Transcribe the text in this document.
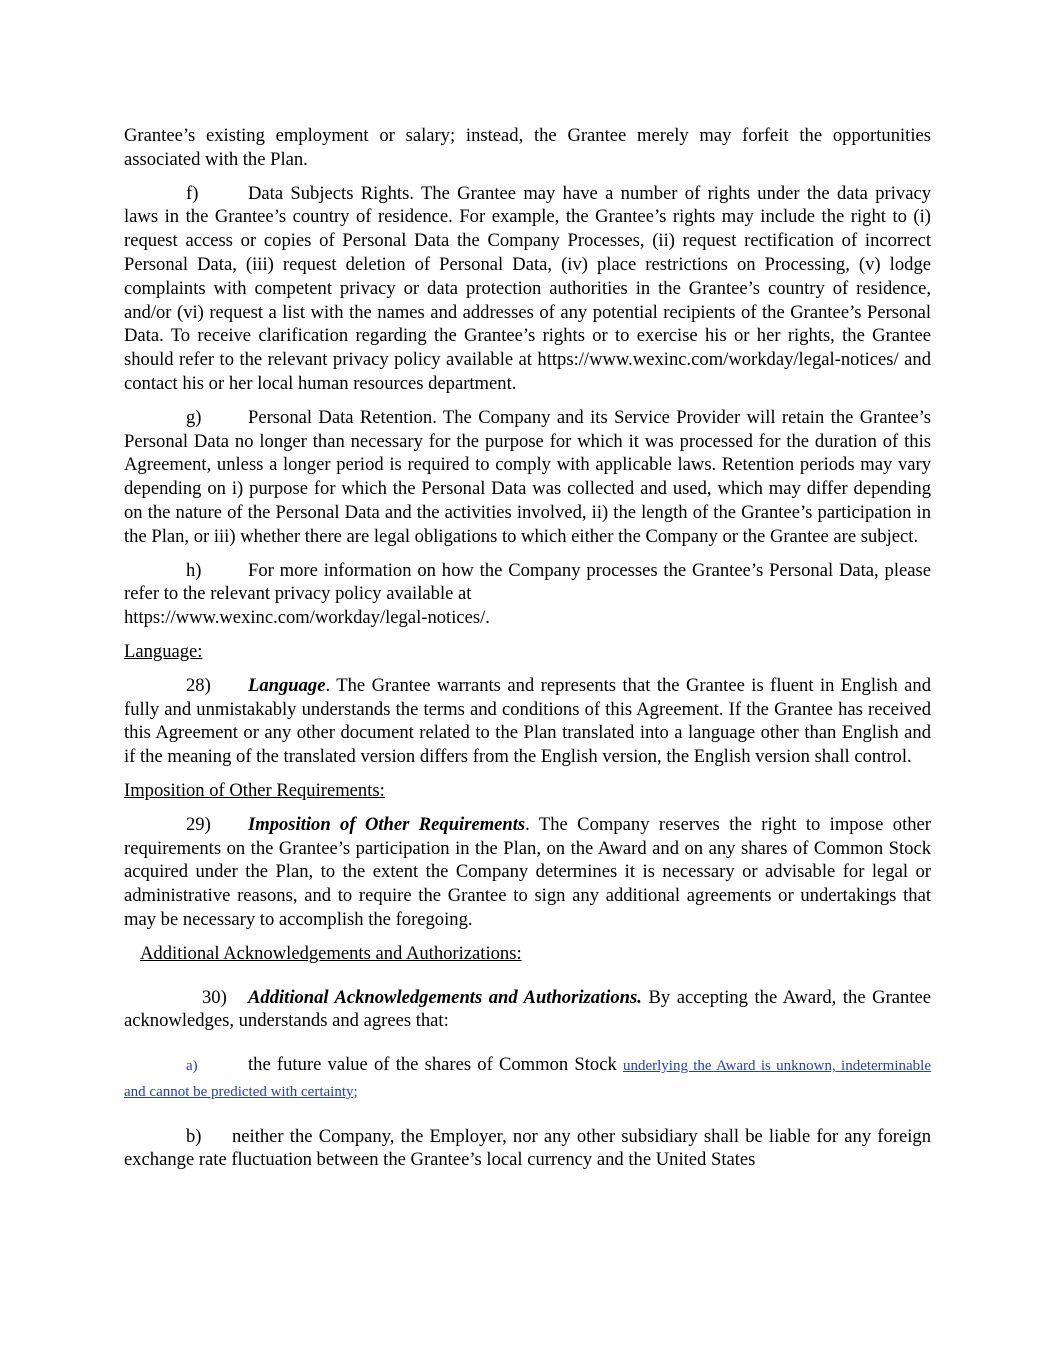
Grantee’s existing employment or salary; instead, the Grantee merely may forfeit the opportunities associated with the Plan.

f)	Data Subjects Rights. The Grantee may have a number of rights under the data privacy laws in the Grantee’s country of residence. For example, the Grantee’s rights may include the right to (i) request access or copies of Personal Data the Company Processes, (ii) request rectification of incorrect Personal Data, (iii) request deletion of Personal Data, (iv) place restrictions on Processing, (v) lodge complaints with competent privacy or data protection authorities in the Grantee’s country of residence, and/or (vi) request a list with the names and addresses of any potential recipients of the Grantee’s Personal Data. To receive clarification regarding the Grantee’s rights or to exercise his or her rights, the Grantee should refer to the relevant privacy policy available at https://www.wexinc.com/workday/legal-notices/ and contact his or her local human resources department.

g)	Personal Data Retention. The Company and its Service Provider will retain the Grantee’s Personal Data no longer than necessary for the purpose for which it was processed for the duration of this Agreement, unless a longer period is required to comply with applicable laws. Retention periods may vary depending on i) purpose for which the Personal Data was collected and used, which may differ depending on the nature of the Personal Data and the activities involved, ii) the length of the Grantee’s participation in the Plan, or iii) whether there are legal obligations to which either the Company or the Grantee are subject.

h)	For more information on how the Company processes the Grantee’s Personal Data, please refer to the relevant privacy policy available at

https://www.wexinc.com/workday/legal-notices/.

Language:

28) Language. The Grantee warrants and represents that the Grantee is fluent in English and fully and unmistakably understands the terms and conditions of this Agreement. If the Grantee has received this Agreement or any other document related to the Plan translated into a language other than English and if the meaning of the translated version differs from the English version, the English version shall control.

Imposition of Other Requirements:

29) Imposition of Other Requirements. The Company reserves the right to impose other requirements on the Grantee’s participation in the Plan, on the Award and on any shares of Common Stock acquired under the Plan, to the extent the Company determines it is necessary or advisable for legal or administrative reasons, and to require the Grantee to sign any additional agreements or undertakings that may be necessary to accomplish the foregoing.

Additional Acknowledgements and Authorizations:

30) Additional Acknowledgements and Authorizations. By accepting the Award, the Grantee acknowledges, understands and agrees that:

a)	the future value of the shares of Common Stock underlying the Award is unknown, indeterminable and cannot be predicted with certainty;

b) neither the Company, the Employer, nor any other subsidiary shall be liable for any foreign exchange rate fluctuation between the Grantee’s local currency and the United States
